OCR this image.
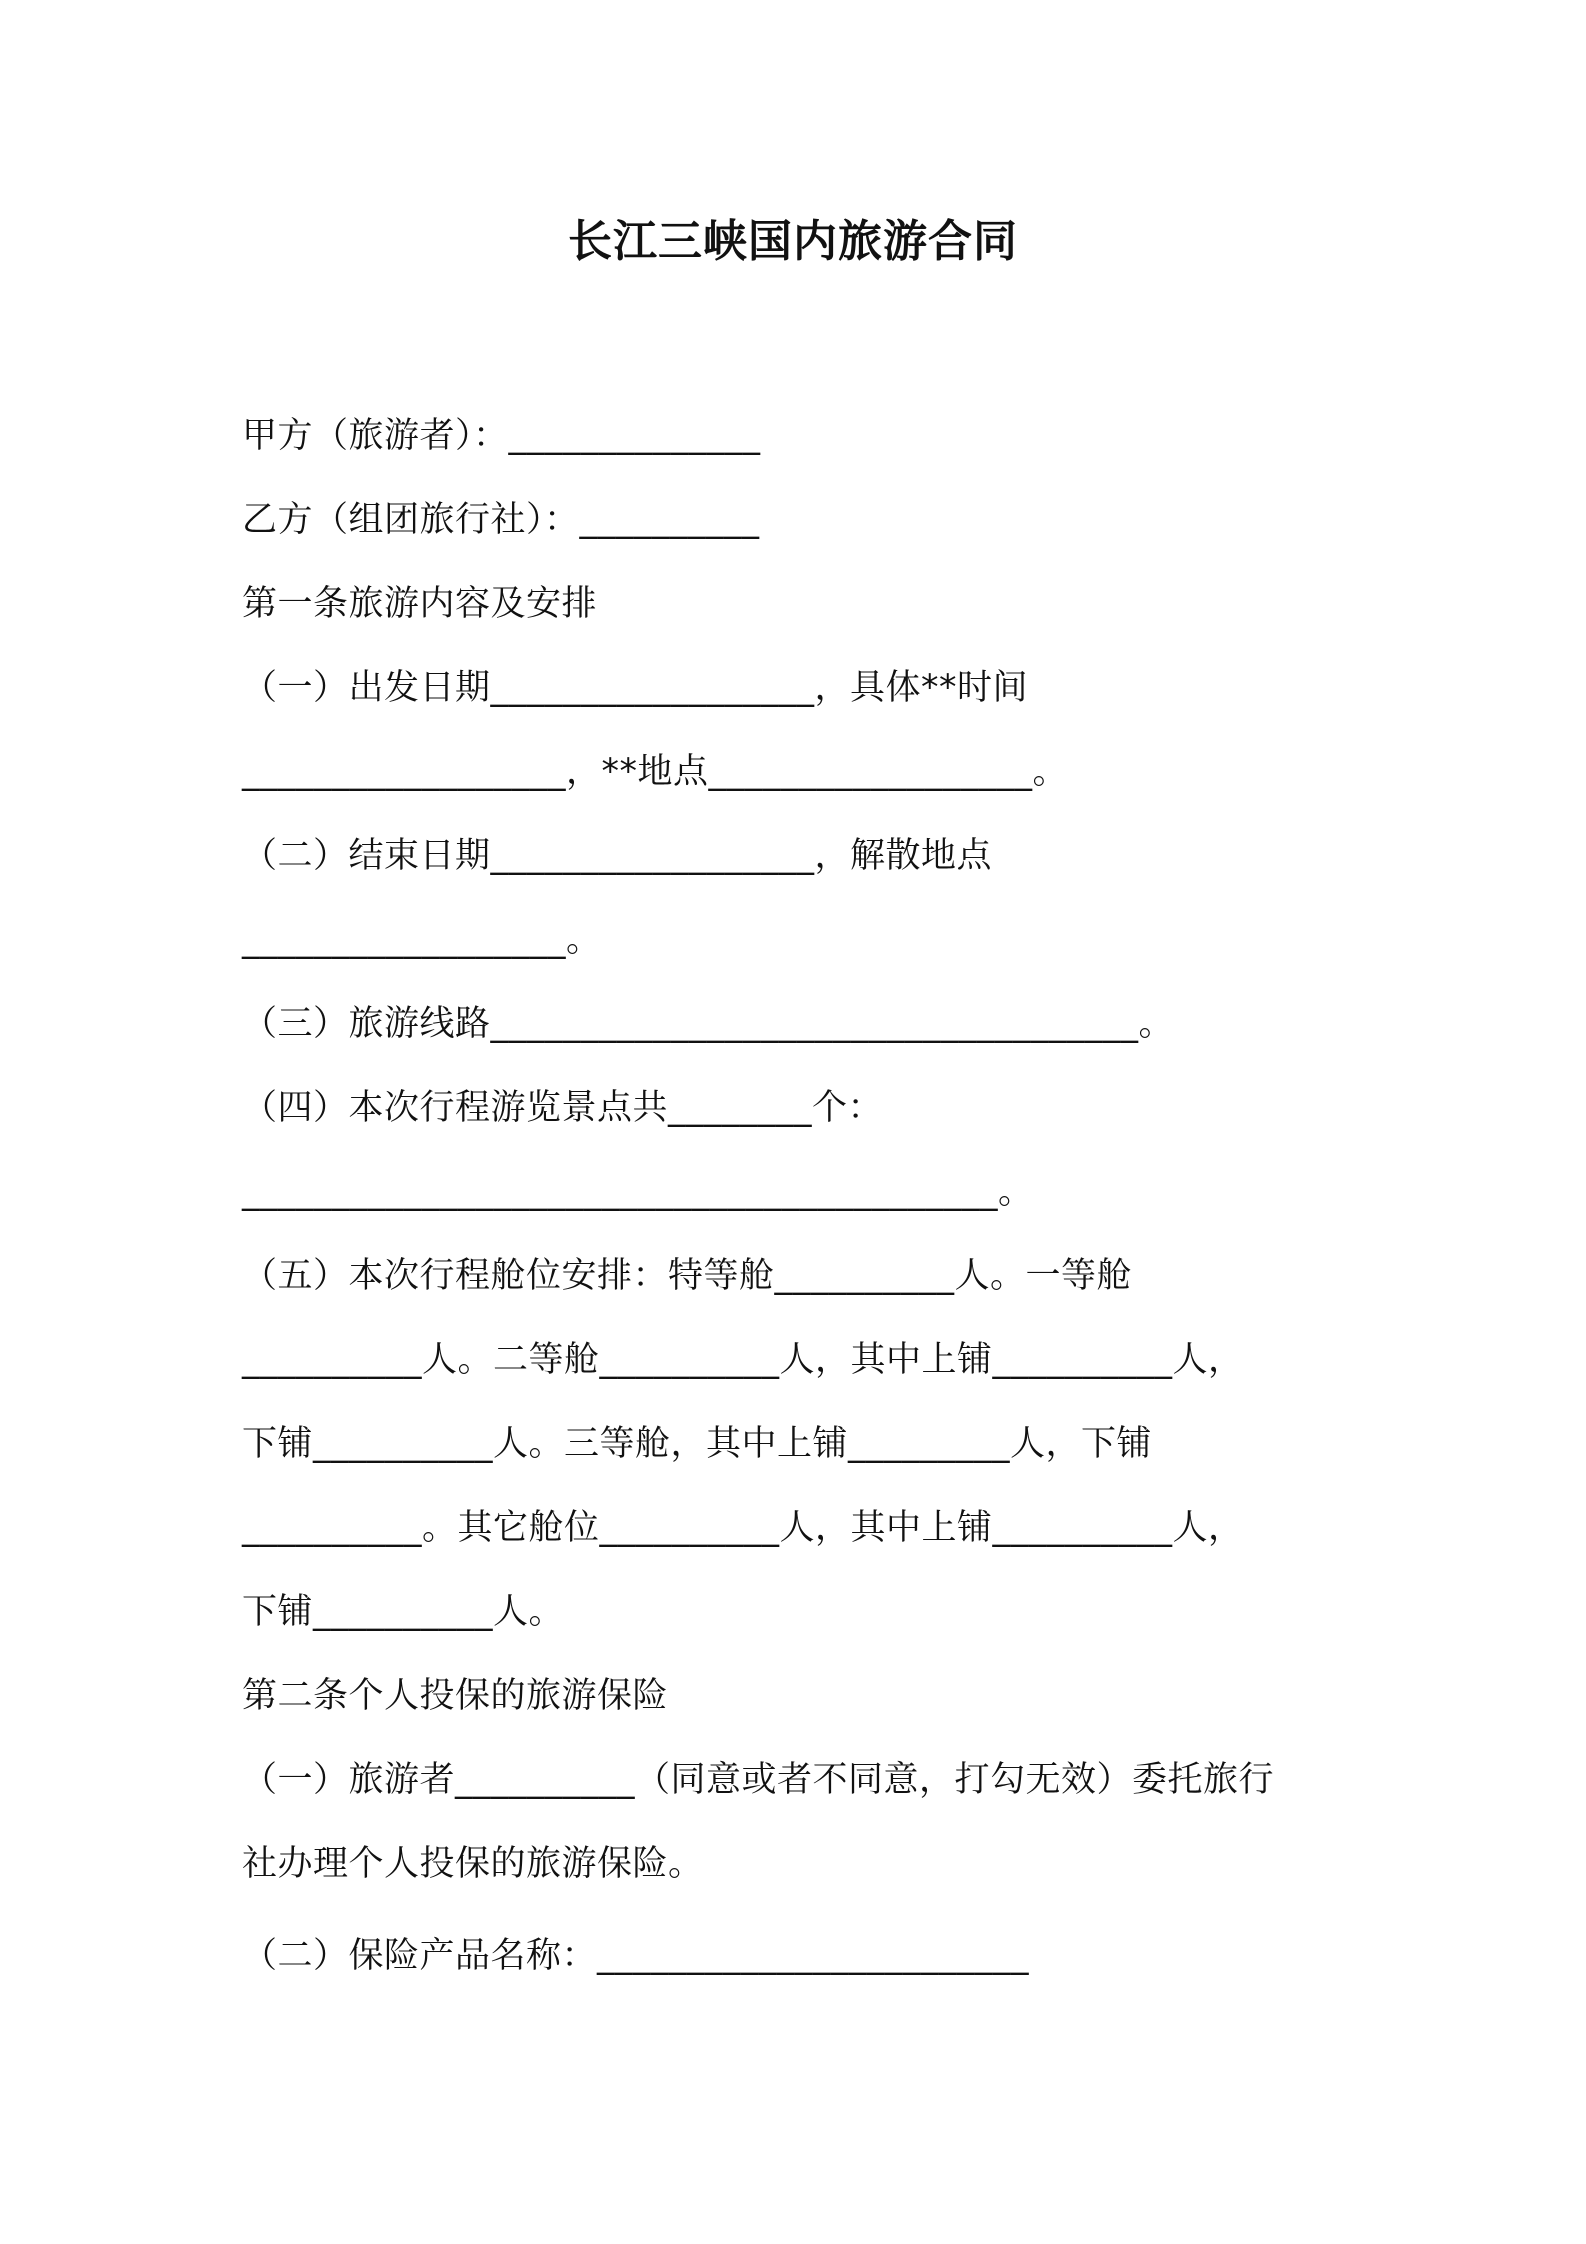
长江三峡国内旅游合同
甲方（旅游者）：______________
乙方（组团旅行社）：__________
第一条旅游内容及安排
（一）出发日期__________________，具体**时间
__________________，**地点__________________。
（二）结束日期__________________，解散地点
__________________。
（三）旅游线路____________________________________。
（四）本次行程游览景点共________个：
__________________________________________。
（五）本次行程舱位安排：特等舱__________人。一等舱
__________人。二等舱__________人，其中上铺__________人，
下铺__________人。三等舱，其中上铺_________人，下铺
__________。其它舱位__________人，其中上铺__________人，
下铺__________人。
第二条个人投保的旅游保险
（一）旅游者__________（同意或者不同意，打勾无效）委托旅行
社办理个人投保的旅游保险。
（二）保险产品名称：________________________
